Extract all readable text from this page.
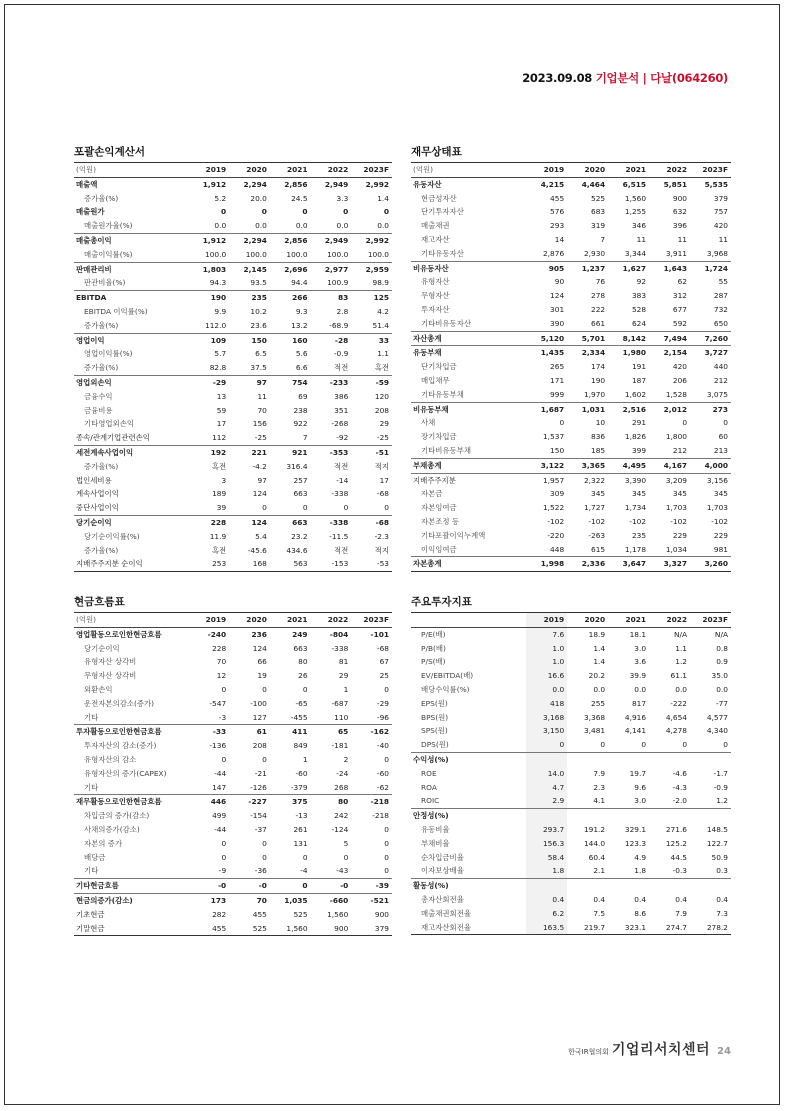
2023.09.08 기업분석 | 다날(064260)
포괄손익계산서
(억원)	2019	2020	2021	2022	2023F
매출액	1,912	2,294	2,856	2,949	2,992
증가율(%)	5.2	20.0	24.5	3.3	1.4
매출원가	0	0	0	0	0
매출원가율(%)	0.0	0.0	0.0	0.0	0.0
매출총이익	1,912	2,294	2,856	2,949	2,992
매출이익률(%)	100.0	100.0	100.0	100.0	100.0
판매관리비	1,803	2,145	2,696	2,977	2,959
판관비율(%)	94.3	93.5	94.4	100.9	98.9
EBITDA	190	235	266	83	125
EBITDA 이익률(%)	9.9	10.2	9.3	2.8	4.2
증가율(%)	112.0	23.6	13.2	-68.9	51.4
영업이익	109	150	160	-28	33
영업이익률(%)	5.7	6.5	5.6	-0.9	1.1
증가율(%)	82.8	37.5	6.6	적전	흑전
영업외손익	-29	97	754	-233	-59
금융수익	13	11	69	386	120
금융비용	59	70	238	351	208
기타영업외손익	17	156	922	-268	29
종속/관계기업관련손익	112	-25	7	-92	-25
세전계속사업이익	192	221	921	-353	-51
증가율(%)	흑전	-4.2	316.4	적전	적지
법인세비용	3	97	257	-14	17
계속사업이익	189	124	663	-338	-68
중단사업이익	39	0	0	0	0
당기순이익	228	124	663	-338	-68
당기순이익률(%)	11.9	5.4	23.2	-11.5	-2.3
증가율(%)	흑전	-45.6	434.6	적전	적지
지배주주지분 순이익	253	168	563	-153	-53
재무상태표
(억원)	2019	2020	2021	2022	2023F
유동자산	4,215	4,464	6,515	5,851	5,535
현금성자산	455	525	1,560	900	379
단기투자자산	576	683	1,255	632	757
매출채권	293	319	346	396	420
재고자산	14	7	11	11	11
기타유동자산	2,876	2,930	3,344	3,911	3,968
비유동자산	905	1,237	1,627	1,643	1,724
유형자산	90	76	92	62	55
무형자산	124	278	383	312	287
투자자산	301	222	528	677	732
기타비유동자산	390	661	624	592	650
자산총계	5,120	5,701	8,142	7,494	7,260
유동부채	1,435	2,334	1,980	2,154	3,727
단기차입금	265	174	191	420	440
매입채무	171	190	187	206	212
기타유동부채	999	1,970	1,602	1,528	3,075
비유동부채	1,687	1,031	2,516	2,012	273
사채	0	10	291	0	0
장기차입금	1,537	836	1,826	1,800	60
기타비유동부채	150	185	399	212	213
부채총계	3,122	3,365	4,495	4,167	4,000
지배주주지분	1,957	2,322	3,390	3,209	3,156
자본금	309	345	345	345	345
자본잉여금	1,522	1,727	1,734	1,703	1,703
자본조정 등	-102	-102	-102	-102	-102
기타포괄이익누계액	-220	-263	235	229	229
이익잉여금	448	615	1,178	1,034	981
자본총계	1,998	2,336	3,647	3,327	3,260
현금흐름표
(억원)	2019	2020	2021	2022	2023F
영업활동으로인한현금흐름	-240	236	249	-804	-101
당기순이익	228	124	663	-338	-68
유형자산 상각비	70	66	80	81	67
무형자산 상각비	12	19	26	29	25
외환손익	0	0	0	1	0
운전자본의감소(증가)	-547	-100	-65	-687	-29
기타	-3	127	-455	110	-96
투자활동으로인한현금흐름	-33	61	411	65	-162
투자자산의 감소(증가)	-136	208	849	-181	-40
유형자산의 감소	0	0	1	2	0
유형자산의 증가(CAPEX)	-44	-21	-60	-24	-60
기타	147	-126	-379	268	-62
재무활동으로인한현금흐름	446	-227	375	80	-218
차입금의 증가(감소)	499	-154	-13	242	-218
사채의증가(감소)	-44	-37	261	-124	0
자본의 증가	0	0	131	5	0
배당금	0	0	0	0	0
기타	-9	-36	-4	-43	0
기타현금흐름	-0	-0	0	-0	-39
현금의증가(감소)	173	70	1,035	-660	-521
기초현금	282	455	525	1,560	900
기말현금	455	525	1,560	900	379
주요투자지표
	2019	2020	2021	2022	2023F
P/E(배)	7.6	18.9	18.1	N/A	N/A
P/B(배)	1.0	1.4	3.0	1.1	0.8
P/S(배)	1.0	1.4	3.6	1.2	0.9
EV/EBITDA(배)	16.6	20.2	39.9	61.1	35.0
배당수익률(%)	0.0	0.0	0.0	0.0	0.0
EPS(원)	418	255	817	-222	-77
BPS(원)	3,168	3,368	4,916	4,654	4,577
SPS(원)	3,150	3,481	4,141	4,278	4,340
DPS(원)	0	0	0	0	0
수익성(%)					
ROE	14.0	7.9	19.7	-4.6	-1.7
ROA	4.7	2.3	9.6	-4.3	-0.9
ROIC	2.9	4.1	3.0	-2.0	1.2
안정성(%)					
유동비율	293.7	191.2	329.1	271.6	148.5
부채비율	156.3	144.0	123.3	125.2	122.7
순차입금비율	58.4	60.4	4.9	44.5	50.9
이자보상배율	1.8	2.1	1.8	-0.3	0.3
활동성(%)					
총자산회전율	0.4	0.4	0.4	0.4	0.4
매출채권회전율	6.2	7.5	8.6	7.9	7.3
재고자산회전율	163.5	219.7	323.1	274.7	278.2
한국IR협의회 기업리서치센터 24
